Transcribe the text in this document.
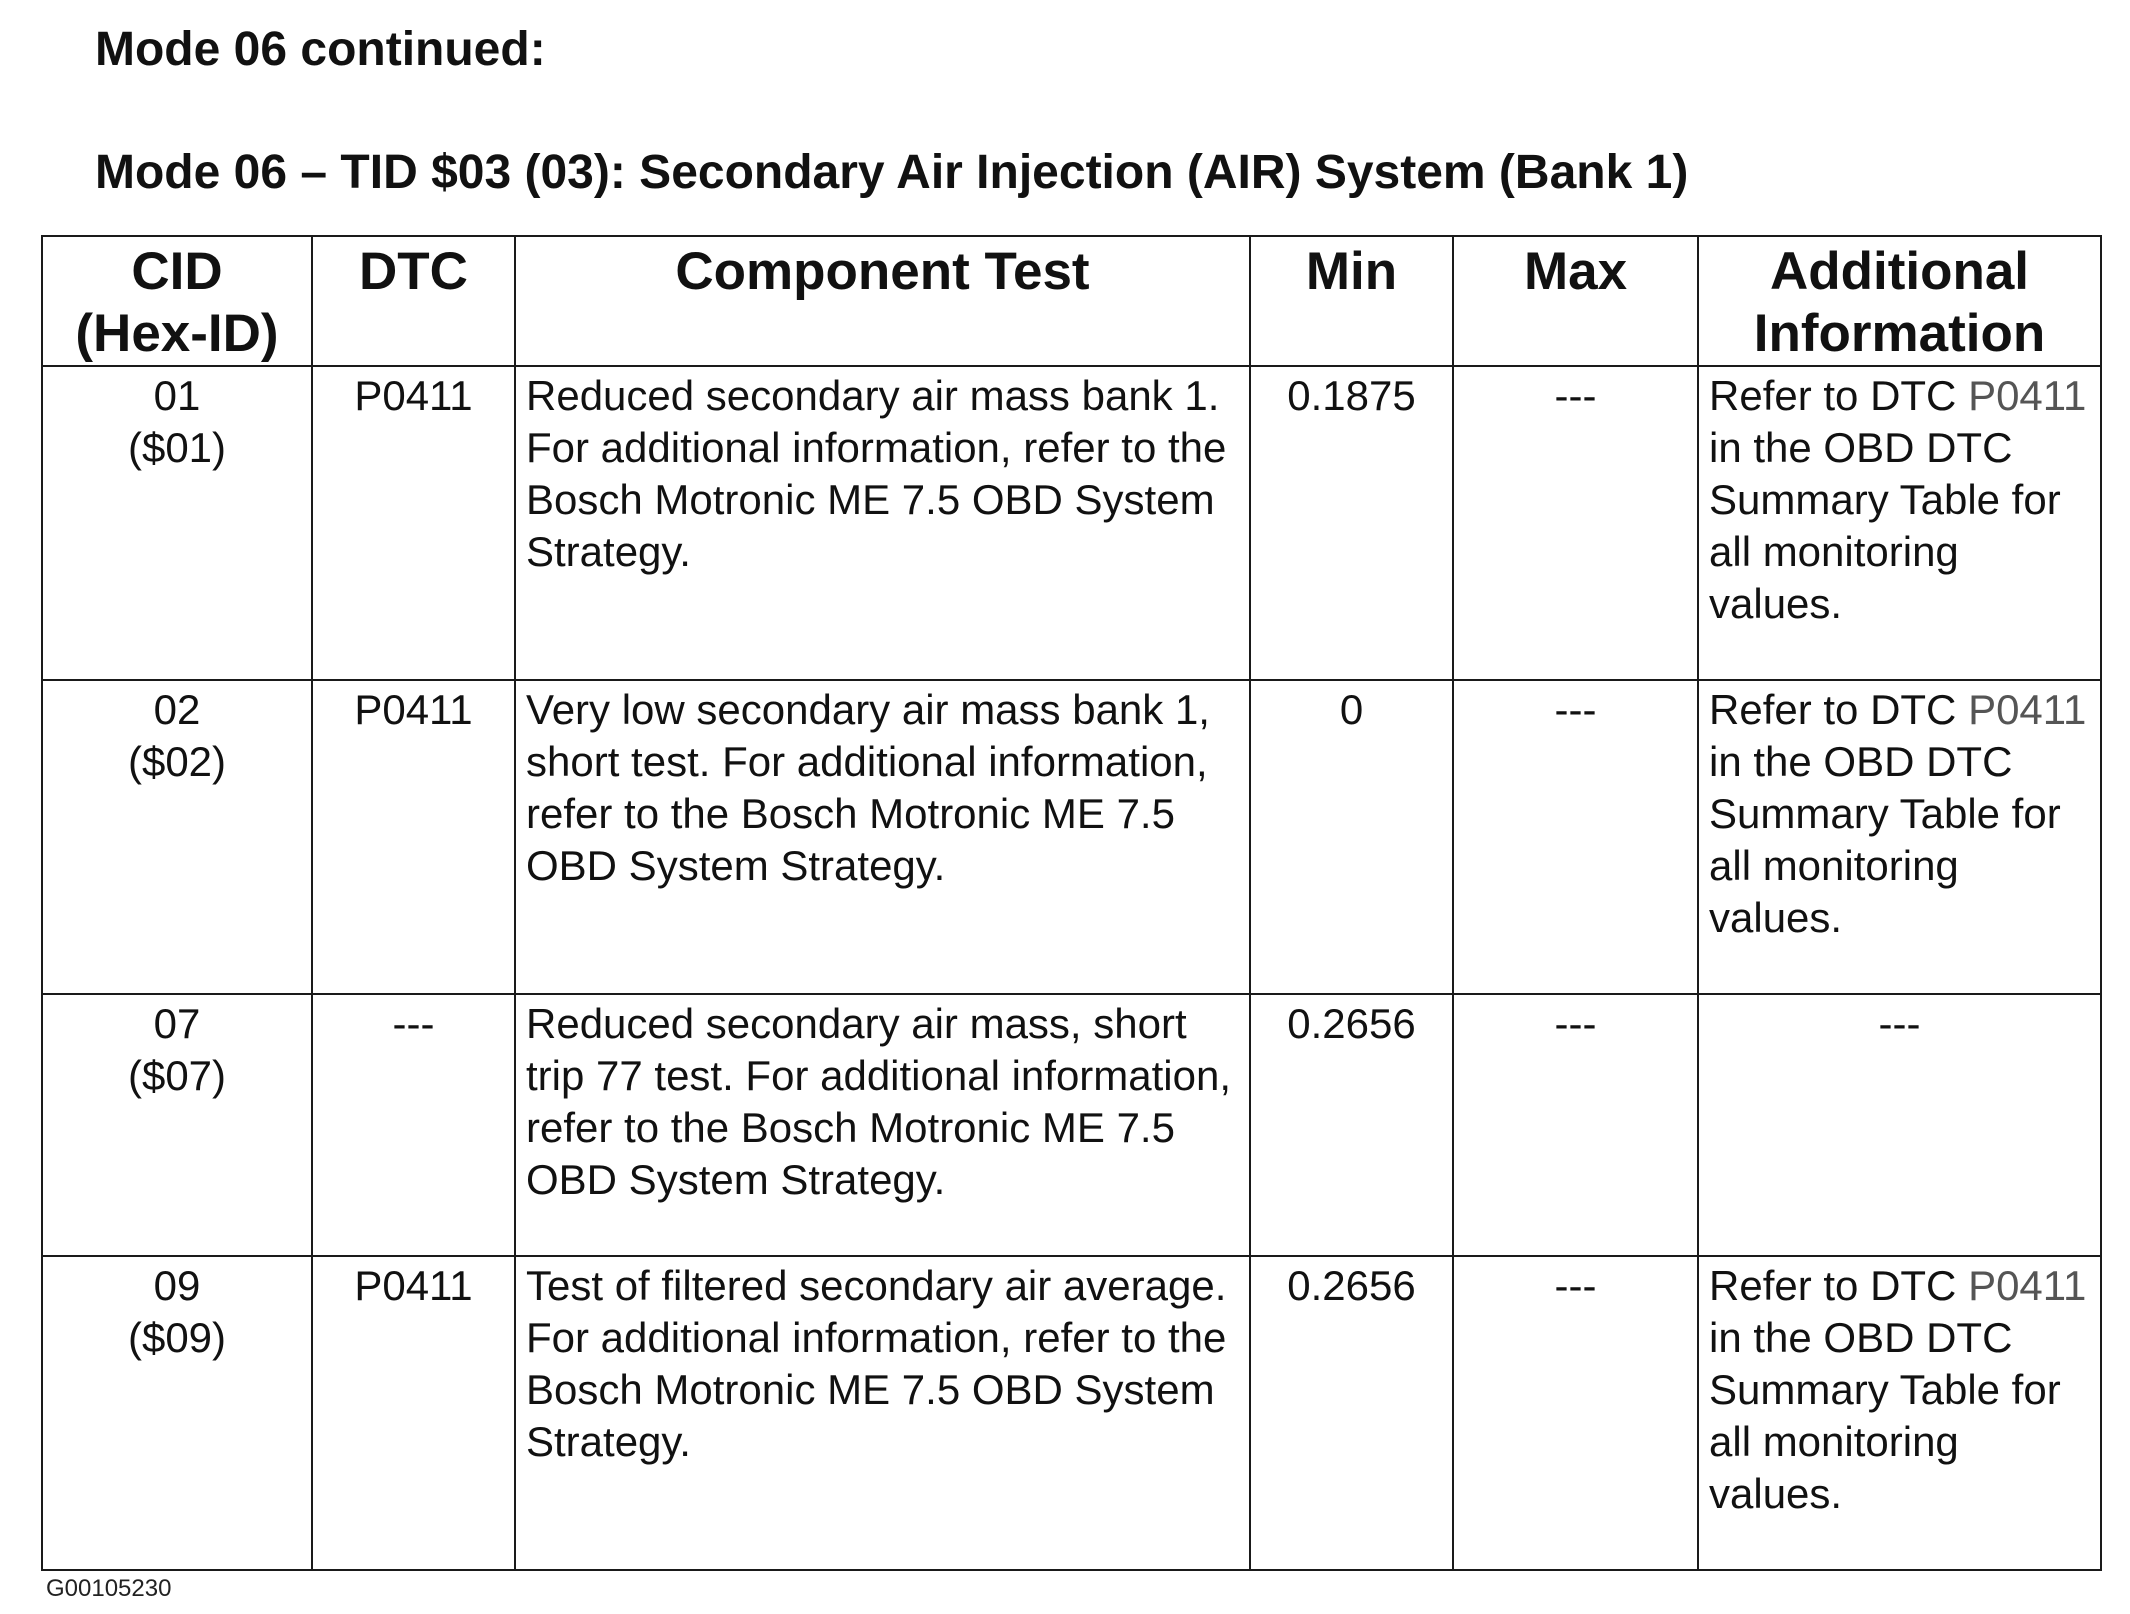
Mode 06 continued:
Mode 06 – TID $03 (03): Secondary Air Injection (AIR) System (Bank 1)
CID
(Hex-ID)	DTC	Component Test	Min	Max	Additional
Information

01
($01)	P0411	Reduced secondary air mass bank 1. For additional information, refer to the Bosch Motronic ME 7.5 OBD System Strategy.	0.1875	---	Refer to DTC P0411 in the OBD DTC Summary Table for all monitoring values.

02
($02)	P0411	Very low secondary air mass bank 1, short test. For additional information, refer to the Bosch Motronic ME 7.5 OBD System Strategy.	0	---	Refer to DTC P0411 in the OBD DTC Summary Table for all monitoring values.

07
($07)	---	Reduced secondary air mass, short trip 77 test. For additional information, refer to the Bosch Motronic ME 7.5 OBD System Strategy.	0.2656	---	---

09
($09)	P0411	Test of filtered secondary air average. For additional information, refer to the Bosch Motronic ME 7.5 OBD System Strategy.	0.2656	---	Refer to DTC P0411 in the OBD DTC Summary Table for all monitoring values.
G00105230
